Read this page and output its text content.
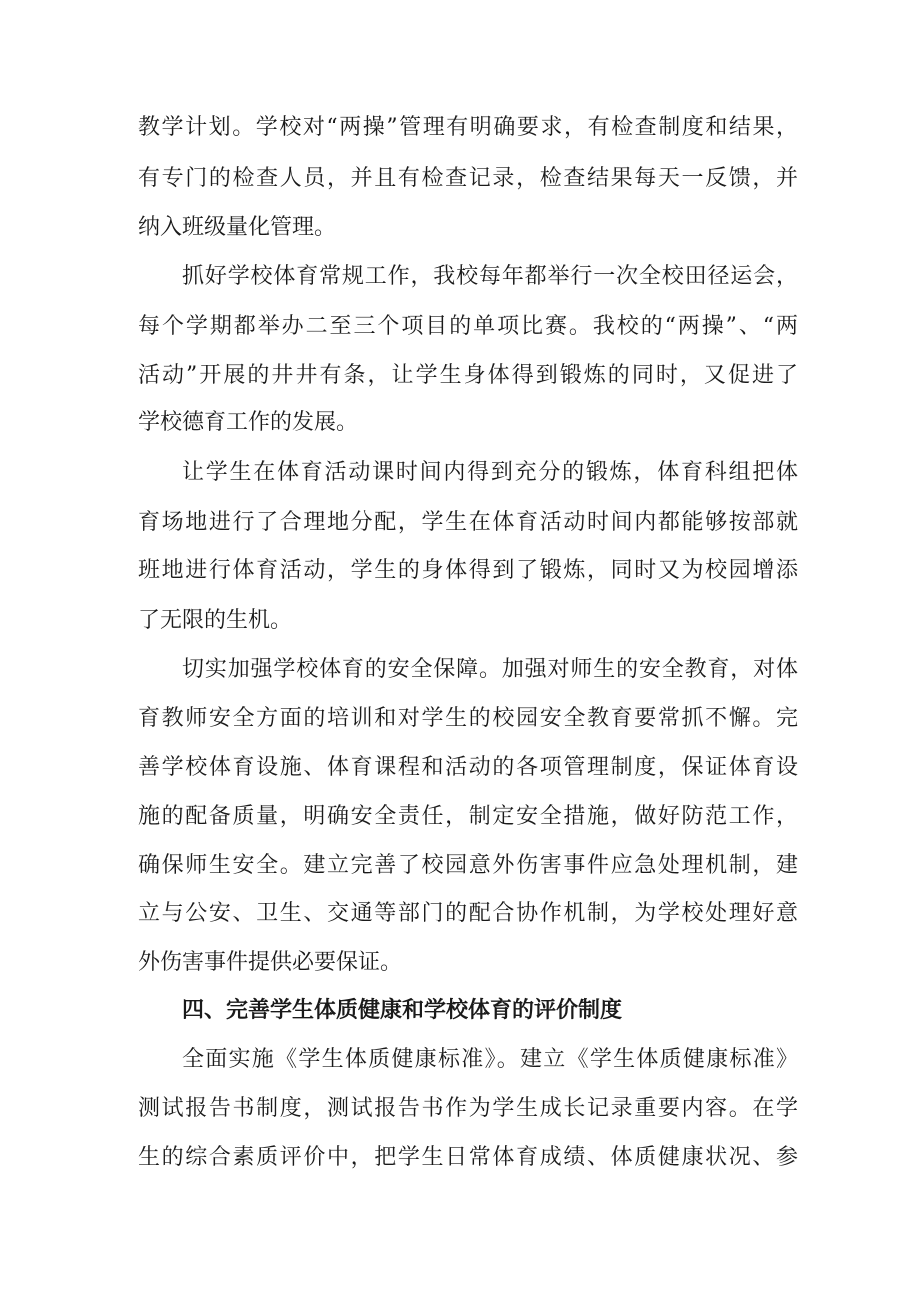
教学计划。学校对“两操”管理有明确要求，有检查制度和结果，
有专门的检查人员，并且有检查记录，检查结果每天一反馈，并
纳入班级量化管理。
抓好学校体育常规工作，我校每年都举行一次全校田径运会，
每个学期都举办二至三个项目的单项比赛。我校的“两操”、“两
活动”开展的井井有条，让学生身体得到锻炼的同时，又促进了
学校德育工作的发展。
让学生在体育活动课时间内得到充分的锻炼，体育科组把体
育场地进行了合理地分配，学生在体育活动时间内都能够按部就
班地进行体育活动，学生的身体得到了锻炼，同时又为校园增添
了无限的生机。
切实加强学校体育的安全保障。加强对师生的安全教育，对体
育教师安全方面的培训和对学生的校园安全教育要常抓不懈。完
善学校体育设施、体育课程和活动的各项管理制度，保证体育设
施的配备质量，明确安全责任，制定安全措施，做好防范工作，
确保师生安全。建立完善了校园意外伤害事件应急处理机制，建
立与公安、卫生、交通等部门的配合协作机制，为学校处理好意
外伤害事件提供必要保证。
四、完善学生体质健康和学校体育的评价制度
全面实施《学生体质健康标准》。建立《学生体质健康标准》
测试报告书制度，测试报告书作为学生成长记录重要内容。在学
生的综合素质评价中，把学生日常体育成绩、体质健康状况、参
